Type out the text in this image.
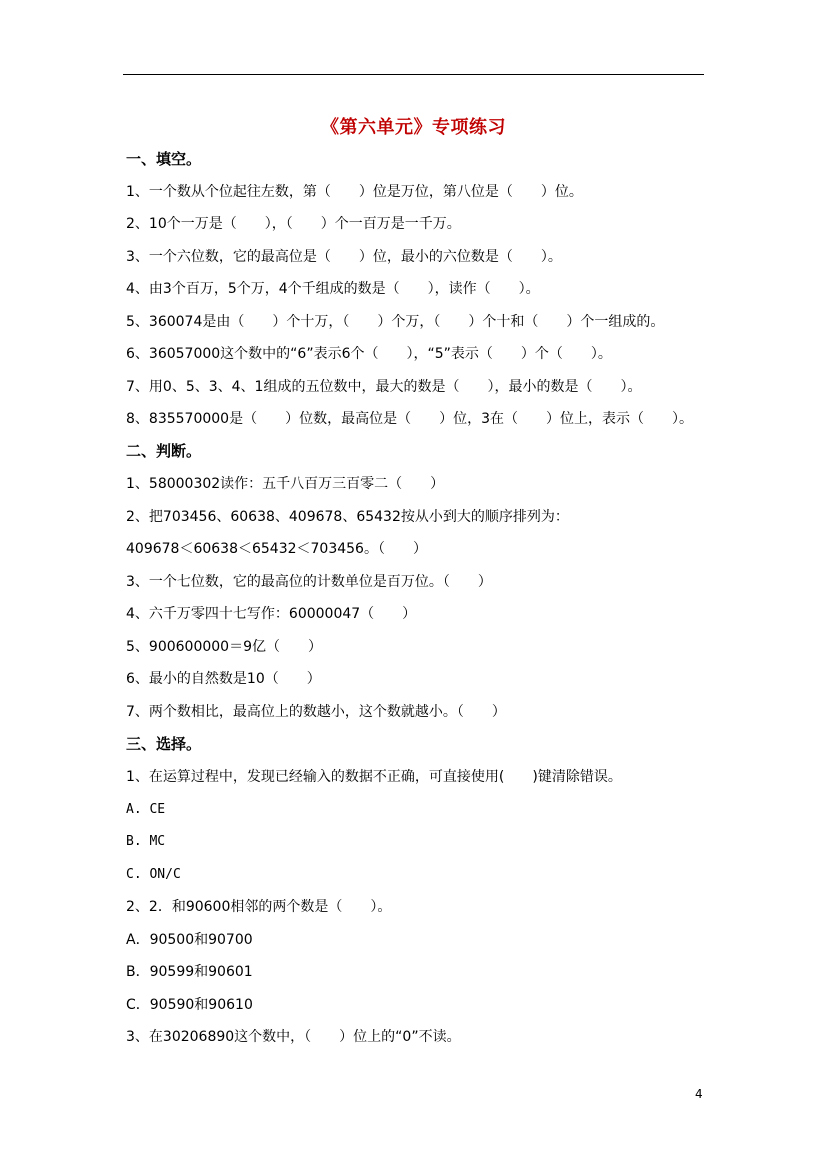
《第六单元》专项练习
一、填空。
1、一个数从个位起往左数，第（　　）位是万位，第八位是（　　）位。
2、10个一万是（　　），（　　）个一百万是一千万。
3、一个六位数，它的最高位是（　　）位，最小的六位数是（　　）。
4、由3个百万，5个万，4个千组成的数是（　　），读作（　　）。
5、360074是由（　　）个十万，（　　）个万，（　　）个十和（　　）个一组成的。
6、36057000这个数中的“6”表示6个（　　），“5”表示（　　）个（　　）。
7、用0、5、3、4、1组成的五位数中，最大的数是（　　），最小的数是（　　）。
8、835570000是（　　）位数，最高位是（　　）位，3在（　　）位上，表示（　　）。
二、判断。
1、58000302读作：五千八百万三百零二（　　）
2、把703456、60638、409678、65432按从小到大的顺序排列为：
409678＜60638＜65432＜703456。（　　）
3、一个七位数，它的最高位的计数单位是百万位。（　　）
4、六千万零四十七写作：60000047（　　）
5、900600000＝9亿（　　）
6、最小的自然数是10（　　）
7、两个数相比，最高位上的数越小，这个数就越小。（　　）
三、选择。
1、在运算过程中，发现已经输入的数据不正确，可直接使用(　　)键清除错误。
A. CE
B. MC
C. ON/C
2、2．和90600相邻的两个数是（　　）。
A．90500和90700
B．90599和90601
C．90590和90610
3、在30206890这个数中，（　　）位上的“0”不读。
4
